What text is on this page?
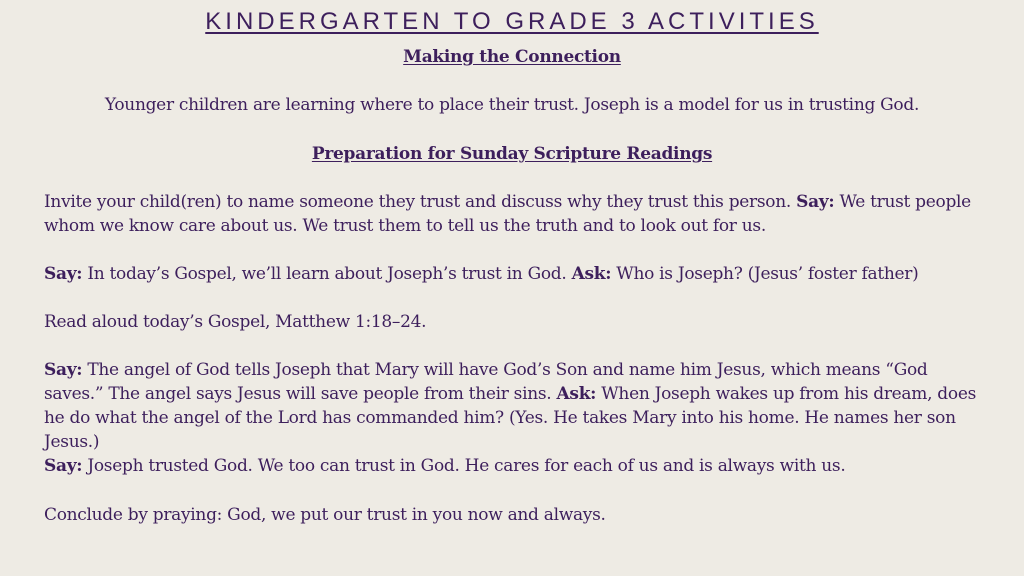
KINDERGARTEN TO GRADE 3 ACTIVITIES
Making the Connection
Younger children are learning where to place their trust. Joseph is a model for us in trusting God.
Preparation for Sunday Scripture Readings
Invite your child(ren) to name someone they trust and discuss why they trust this person. Say: We trust people whom we know care about us. We trust them to tell us the truth and to look out for us.
Say: In today’s Gospel, we’ll learn about Joseph’s trust in God. Ask: Who is Joseph? (Jesus’ foster father)
Read aloud today’s Gospel, Matthew 1:18–24.
Say: The angel of God tells Joseph that Mary will have God’s Son and name him Jesus, which means “God saves.” The angel says Jesus will save people from their sins. Ask: When Joseph wakes up from his dream, does he do what the angel of the Lord has commanded him? (Yes. He takes Mary into his home. He names her son Jesus.)
Say: Joseph trusted God. We too can trust in God. He cares for each of us and is always with us.
Conclude by praying: God, we put our trust in you now and always.
